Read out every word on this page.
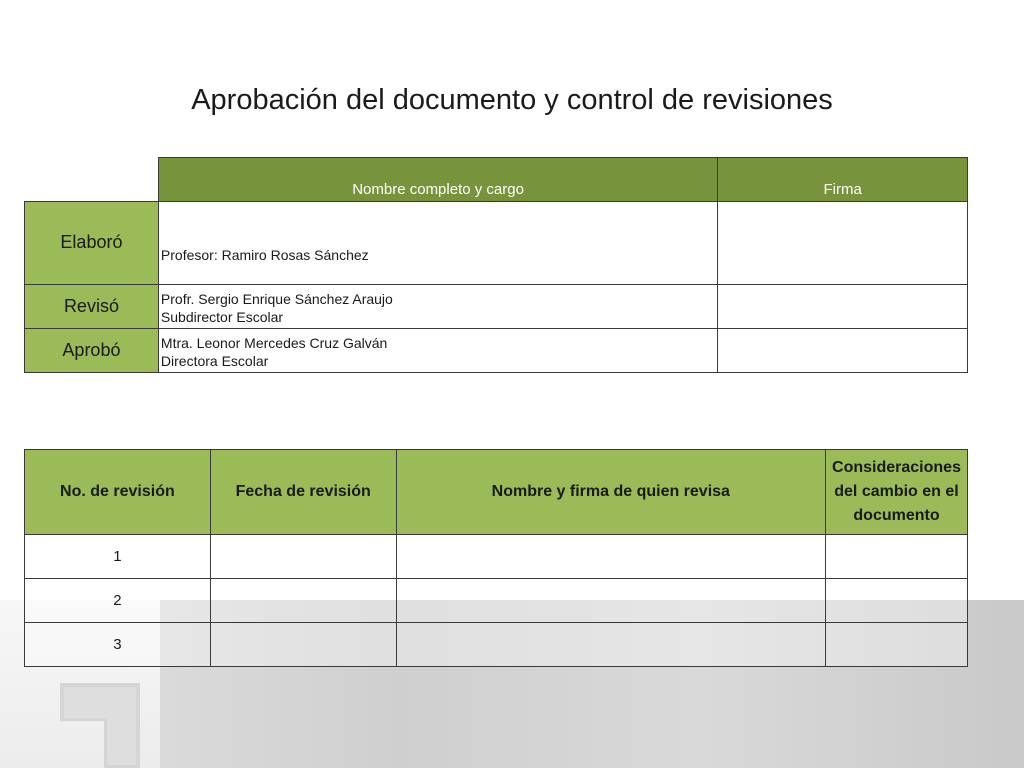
Aprobación del documento y control de revisiones
	Nombre completo y cargo	Firma
Elaboró	Profesor: Ramiro Rosas Sánchez	

Revisó	Profr. Sergio Enrique Sánchez Araujo
Subdirector Escolar	

Aprobó	Mtra. Leonor Mercedes Cruz Galván
Directora Escolar	

No. de revisión	Fecha de revisión	Nombre y firma de quien revisa	Consideraciones del cambio en el documento
1			
2			
3			
